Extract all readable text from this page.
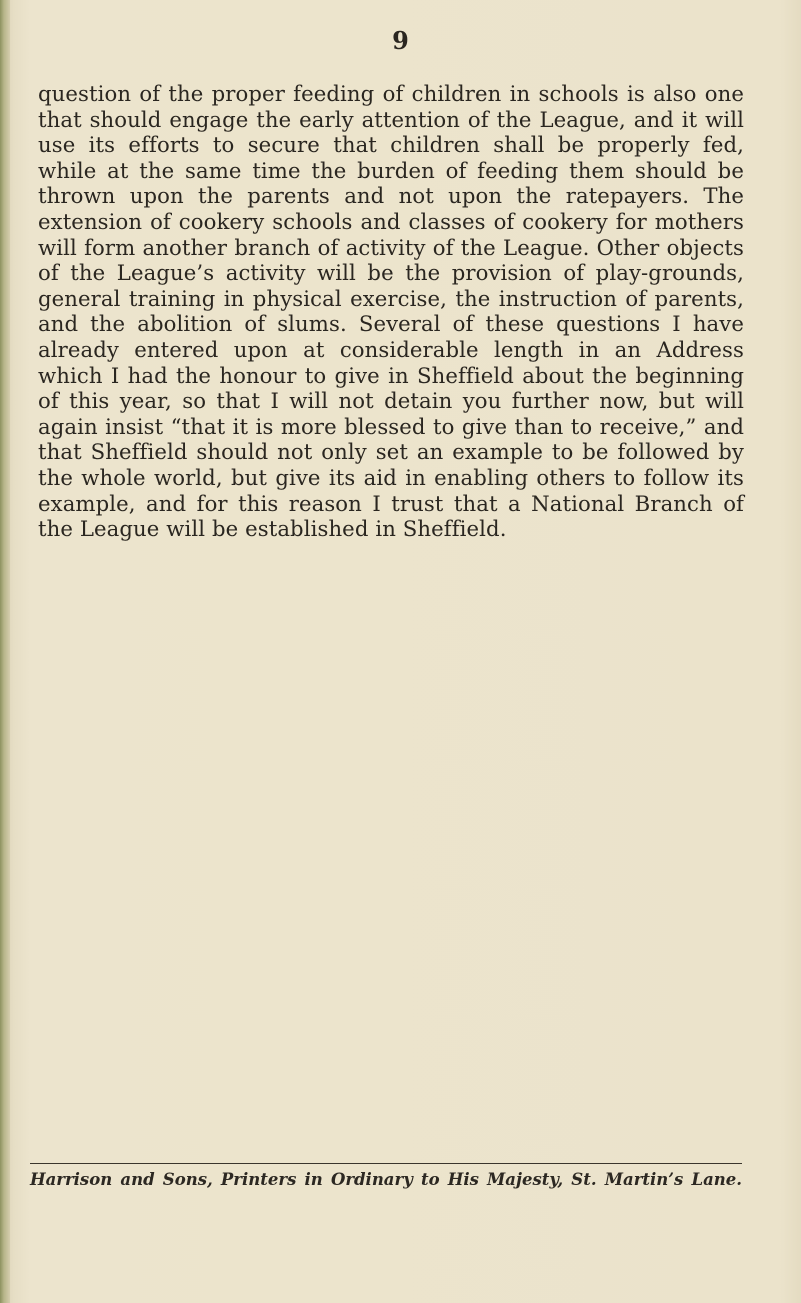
9

question of the proper feeding of children in schools is also one that should engage the early attention of the League, and it will use its efforts to secure that children shall be properly fed, while at the same time the burden of feeding them should be thrown upon the parents and not upon the ratepayers. The extension of cookery schools and classes of cookery for mothers will form another branch of activity of the League. Other objects of the League’s activity will be the provision of play-grounds, general training in physical exercise, the instruction of parents, and the abolition of slums. Several of these questions I have already entered upon at considerable length in an Address which I had the honour to give in Sheffield about the beginning of this year, so that I will not detain you further now, but will again insist “that it is more blessed to give than to receive,” and that Sheffield should not only set an example to be followed by the whole world, but give its aid in enabling others to follow its example, and for this reason I trust that a National Branch of the League will be established in Sheffield.

Harrison and Sons, Printers in Ordinary to His Majesty, St. Martin’s Lane.
